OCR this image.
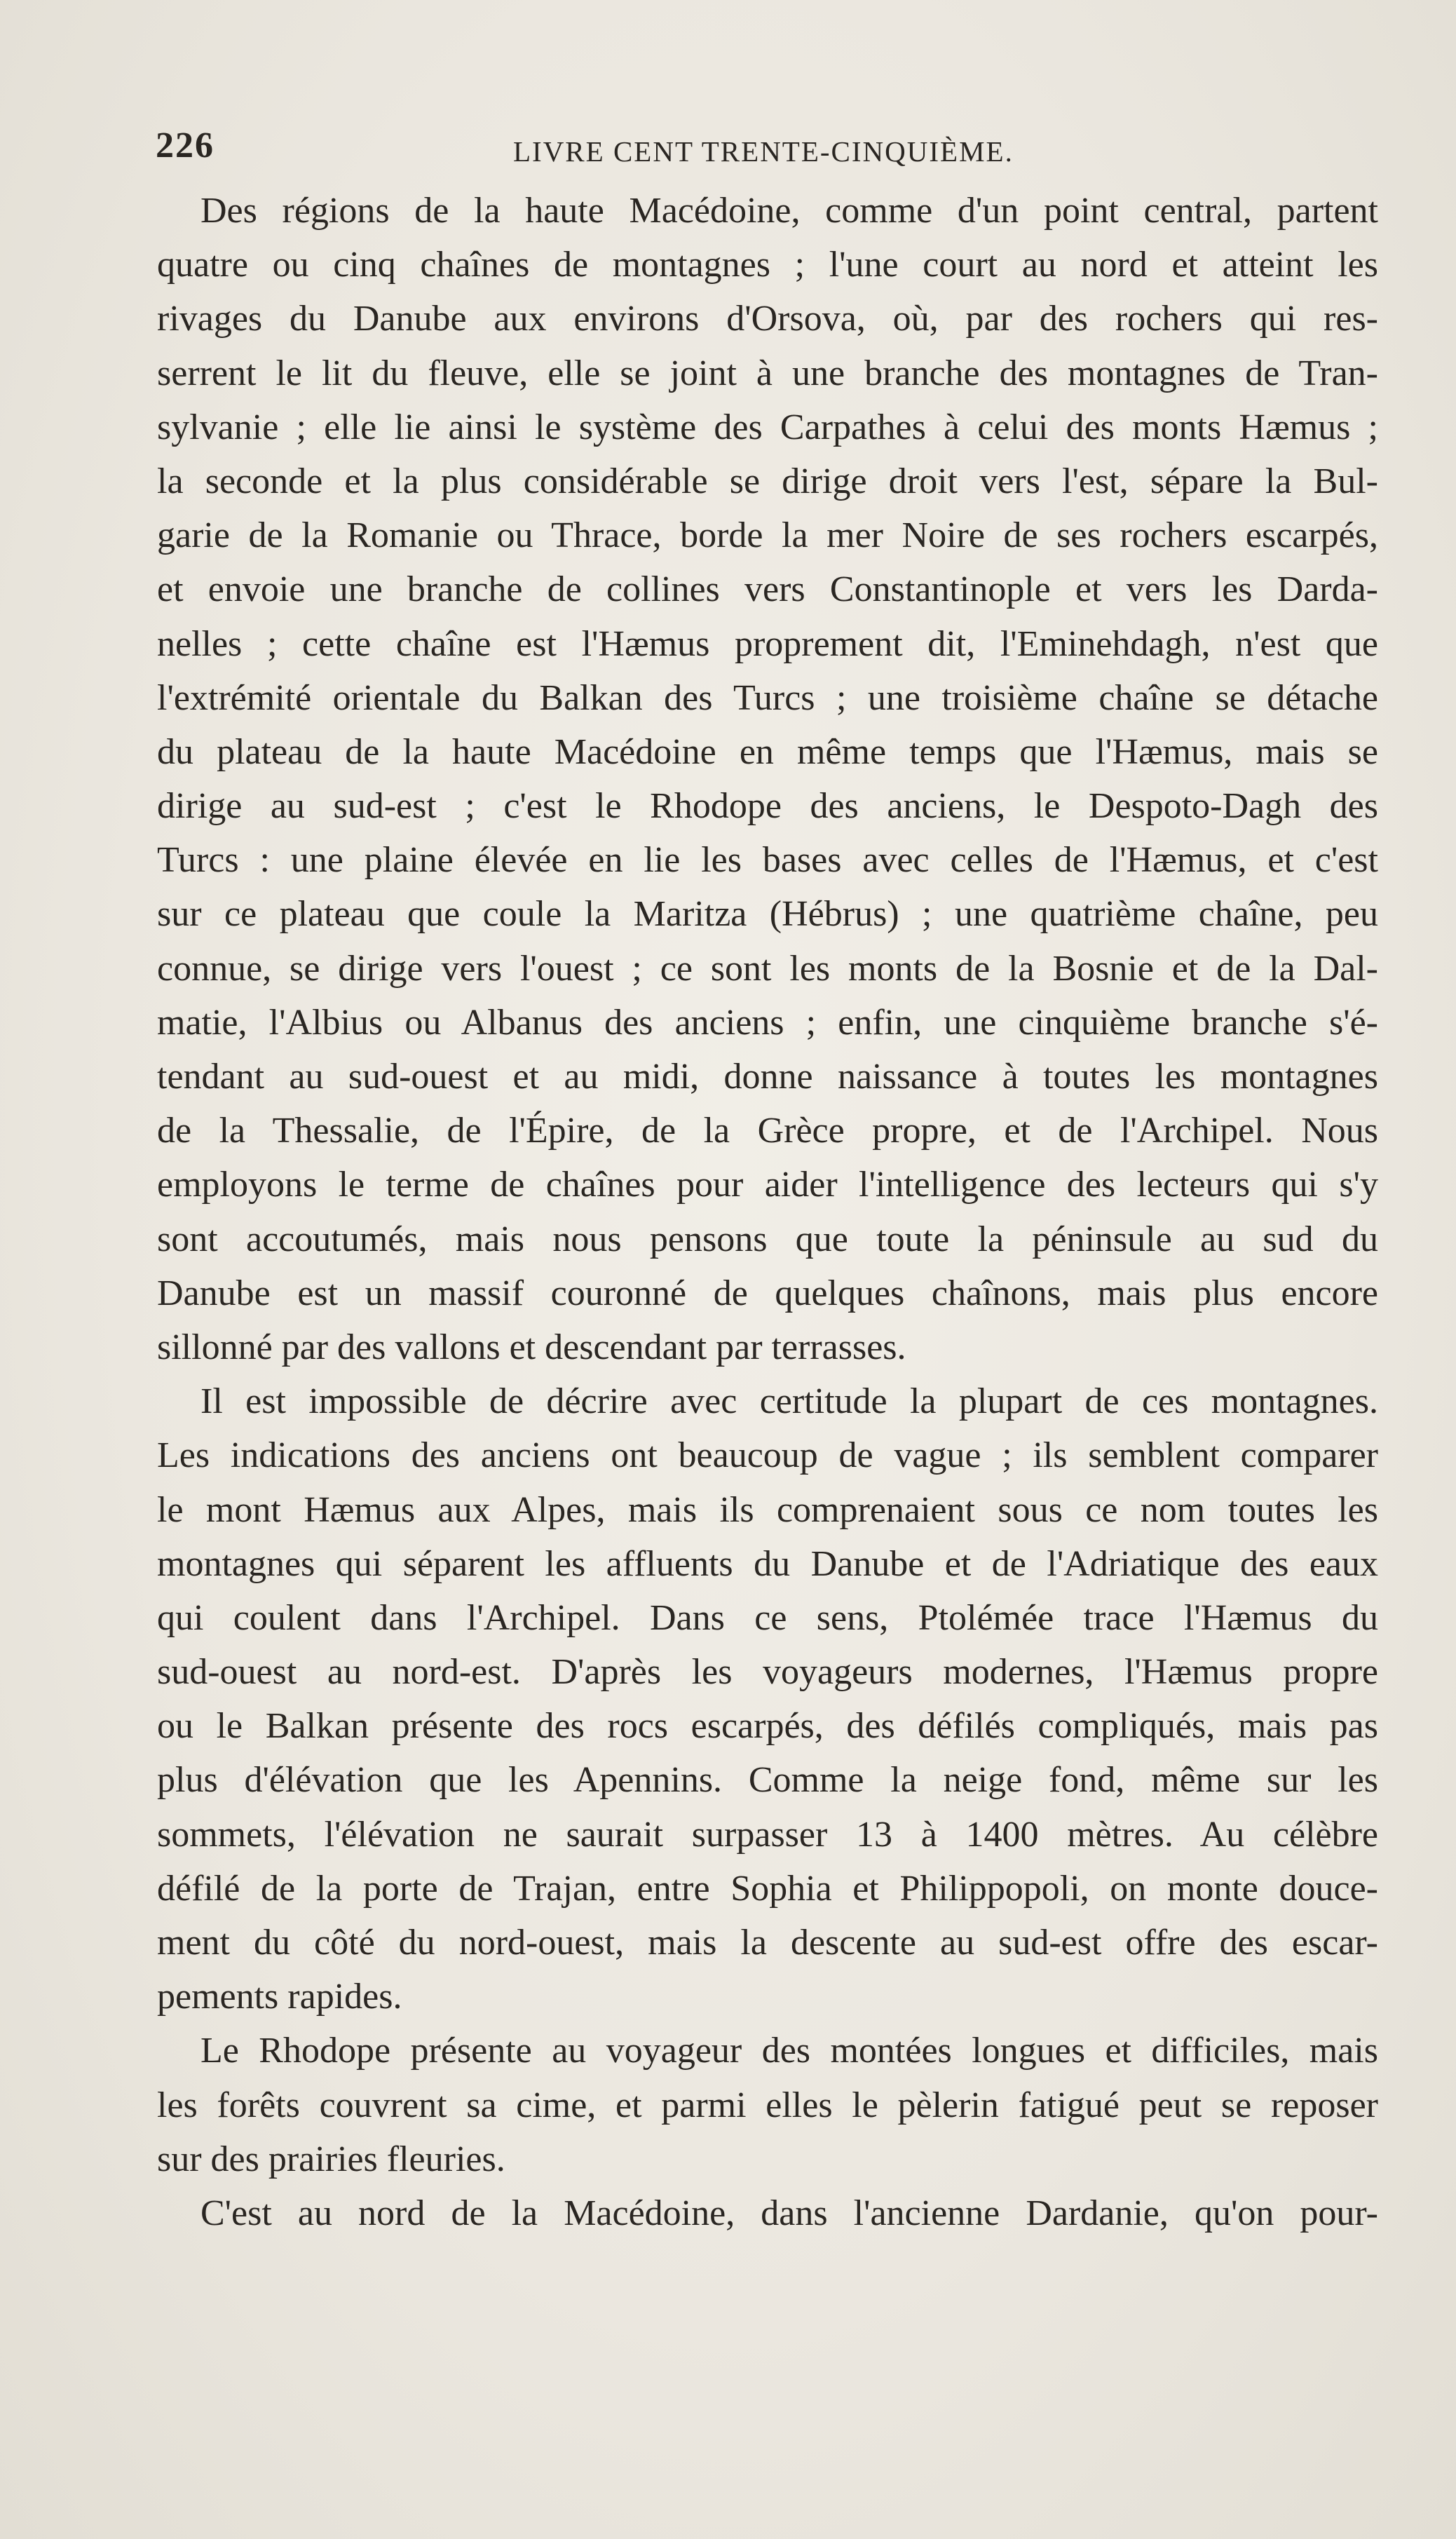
226	LIVRE CENT TRENTE-CINQUIÈME.
Des régions de la haute Macédoine, comme d'un point central, partent
quatre ou cinq chaînes de montagnes ; l'une court au nord et atteint les
rivages du Danube aux environs d'Orsova, où, par des rochers qui res-
serrent le lit du fleuve, elle se joint à une branche des montagnes de Tran-
sylvanie ; elle lie ainsi le système des Carpathes à celui des monts Hæmus ;
la seconde et la plus considérable se dirige droit vers l'est, sépare la Bul-
garie de la Romanie ou Thrace, borde la mer Noire de ses rochers escarpés,
et envoie une branche de collines vers Constantinople et vers les Darda-
nelles ; cette chaîne est l'Hæmus proprement dit, l'Eminehdagh, n'est que
l'extrémité orientale du Balkan des Turcs ; une troisième chaîne se détache
du plateau de la haute Macédoine en même temps que l'Hæmus, mais se
dirige au sud-est ; c'est le Rhodope des anciens, le Despoto-Dagh des
Turcs : une plaine élevée en lie les bases avec celles de l'Hæmus, et c'est
sur ce plateau que coule la Maritza (Hébrus) ; une quatrième chaîne, peu
connue, se dirige vers l'ouest ; ce sont les monts de la Bosnie et de la Dal-
matie, l'Albius ou Albanus des anciens ; enfin, une cinquième branche s'é-
tendant au sud-ouest et au midi, donne naissance à toutes les montagnes
de la Thessalie, de l'Épire, de la Grèce propre, et de l'Archipel. Nous
employons le terme de chaînes pour aider l'intelligence des lecteurs qui s'y
sont accoutumés, mais nous pensons que toute la péninsule au sud du
Danube est un massif couronné de quelques chaînons, mais plus encore
sillonné par des vallons et descendant par terrasses.
Il est impossible de décrire avec certitude la plupart de ces montagnes.
Les indications des anciens ont beaucoup de vague ; ils semblent comparer
le mont Hæmus aux Alpes, mais ils comprenaient sous ce nom toutes les
montagnes qui séparent les affluents du Danube et de l'Adriatique des eaux
qui coulent dans l'Archipel. Dans ce sens, Ptolémée trace l'Hæmus du
sud-ouest au nord-est. D'après les voyageurs modernes, l'Hæmus propre
ou le Balkan présente des rocs escarpés, des défilés compliqués, mais pas
plus d'élévation que les Apennins. Comme la neige fond, même sur les
sommets, l'élévation ne saurait surpasser 13 à 1400 mètres. Au célèbre
défilé de la porte de Trajan, entre Sophia et Philippopoli, on monte douce-
ment du côté du nord-ouest, mais la descente au sud-est offre des escar-
pements rapides.
Le Rhodope présente au voyageur des montées longues et difficiles, mais
les forêts couvrent sa cime, et parmi elles le pèlerin fatigué peut se reposer
sur des prairies fleuries.
C'est au nord de la Macédoine, dans l'ancienne Dardanie, qu'on pour-
